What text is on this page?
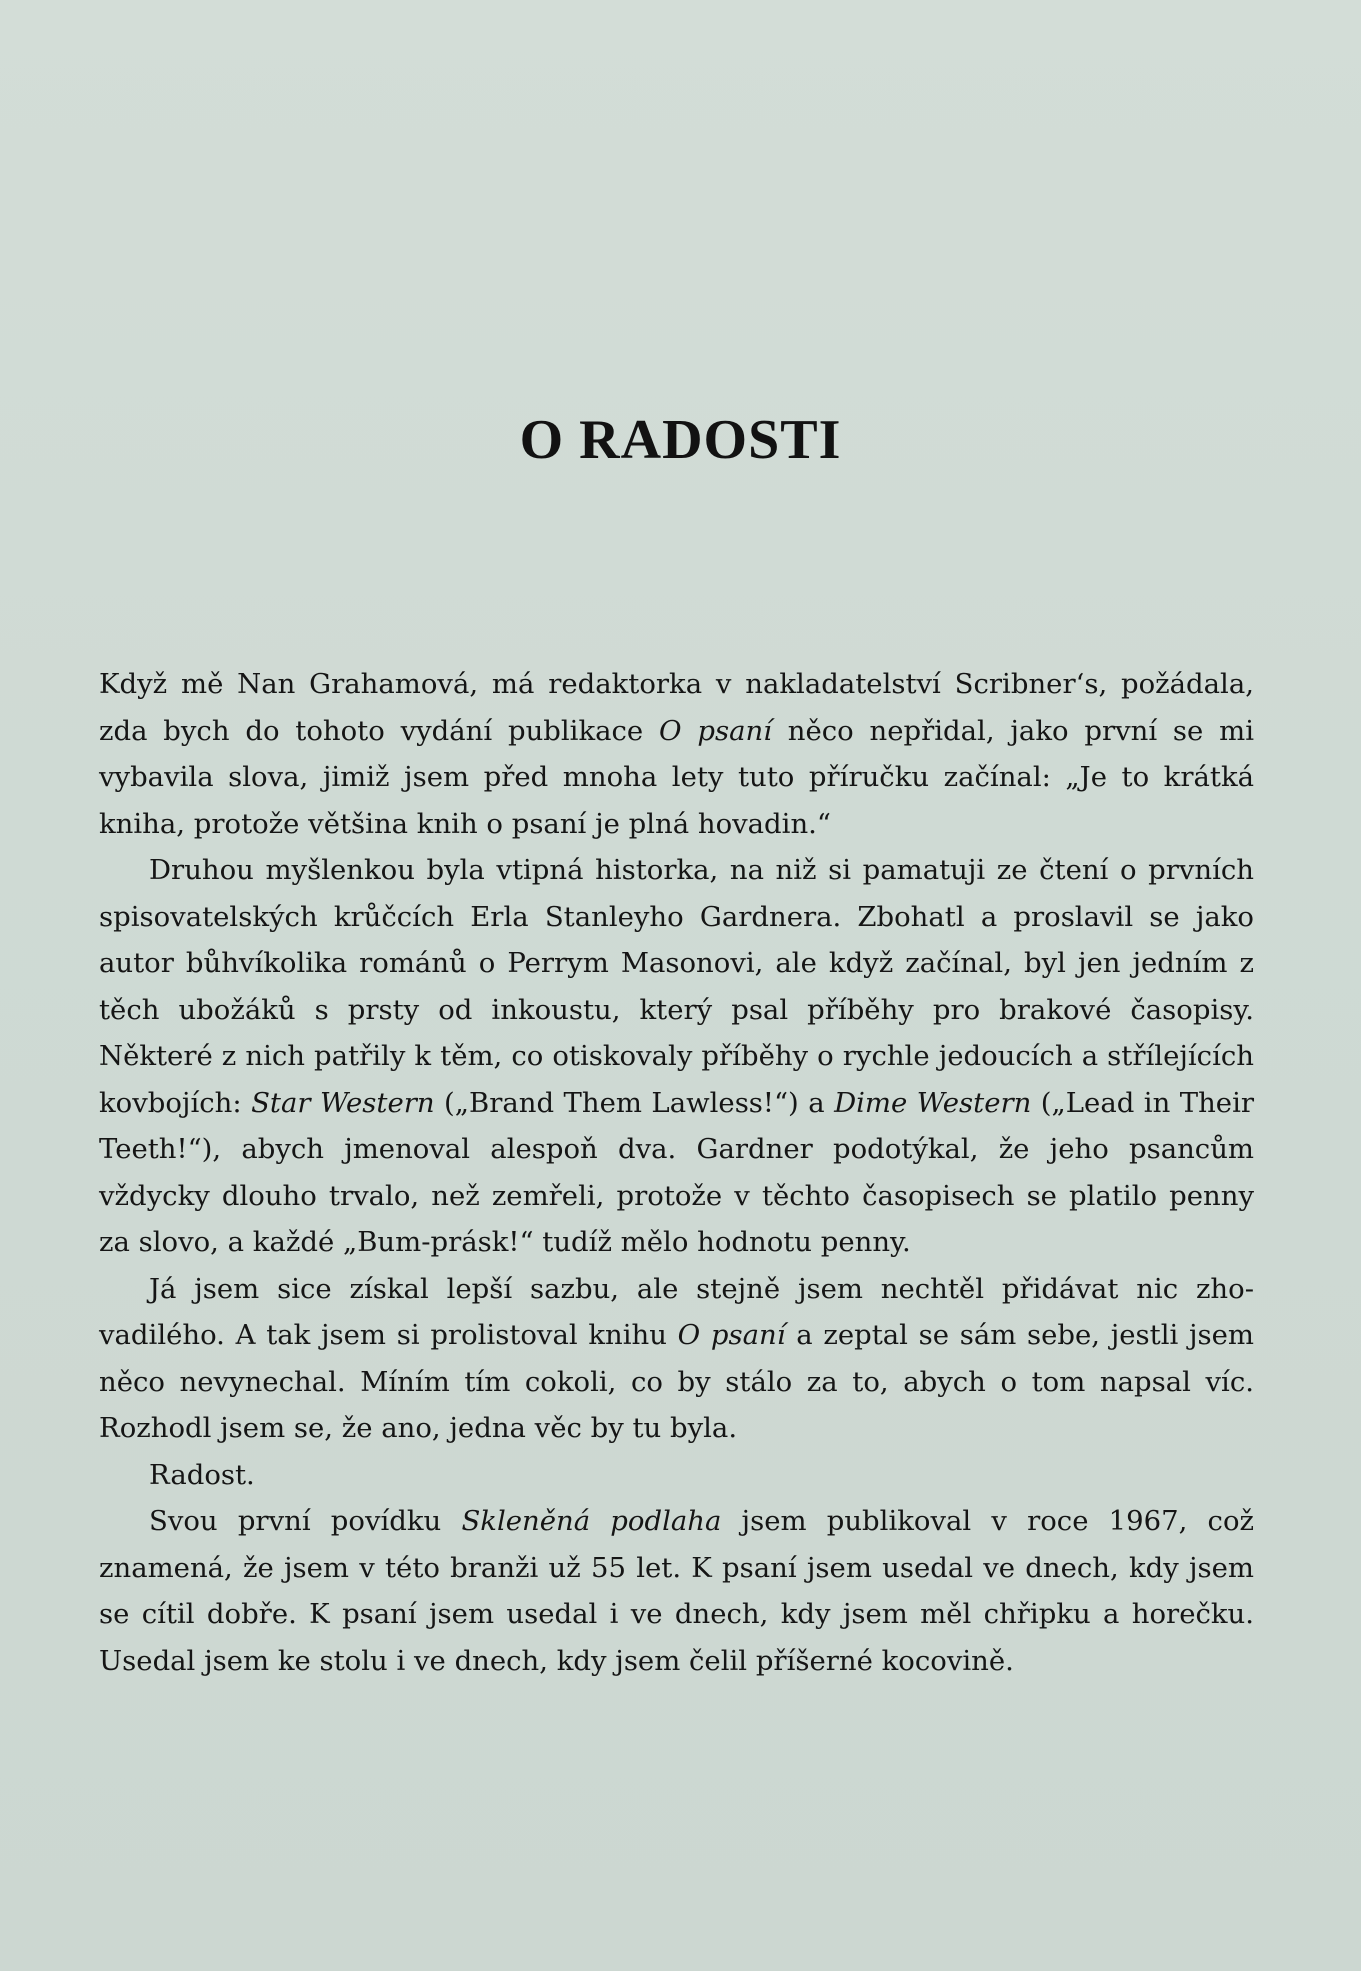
O RADOSTI

Když mě Nan Grahamová, má redaktorka v nakladatelství Scribner‘s, požádala, zda bych do tohoto vydání publikace O psaní něco nepřidal, jako první se mi vybavila slova, jimiž jsem před mnoha lety tuto příručku začínal: „Je to krátká kniha, protože většina knih o psaní je plná hovadin.“

Druhou myšlenkou byla vtipná historka, na niž si pamatuji ze čtení o prvních spisovatelských krůčcích Erla Stanleyho Gardnera. Zbohatl a proslavil se jako autor bůhvíkolika románů o Perrym Masonovi, ale když začínal, byl jen jedním z těch ubožáků s prsty od inkoustu, který psal příběhy pro brakové časopisy. Některé z nich patřily k těm, co otiskovaly příběhy o rychle jedoucích a střílejících kovbojích: Star Western („Brand Them Lawless!“) a Dime Western („Lead in Their Teeth!“), abych jmenoval alespoň dva. Gardner podotýkal, že jeho psancům vždycky dlouho trvalo, než zemřeli, protože v těchto časopisech se platilo penny za slovo, a každé „Bum-prásk!“ tudíž mělo hodnotu penny.

Já jsem sice získal lepší sazbu, ale stejně jsem nechtěl přidávat nic zhovadilého. A tak jsem si prolistoval knihu O psaní a zeptal se sám sebe, jestli jsem něco nevynechal. Míním tím cokoli, co by stálo za to, abych o tom napsal víc. Rozhodl jsem se, že ano, jedna věc by tu byla.

Radost.

Svou první povídku Skleněná podlaha jsem publikoval v roce 1967, což znamená, že jsem v této branži už 55 let. K psaní jsem usedal ve dnech, kdy jsem se cítil dobře. K psaní jsem usedal i ve dnech, kdy jsem měl chřipku a horečku. Usedal jsem ke stolu i ve dnech, kdy jsem čelil příšerné kocovině.
